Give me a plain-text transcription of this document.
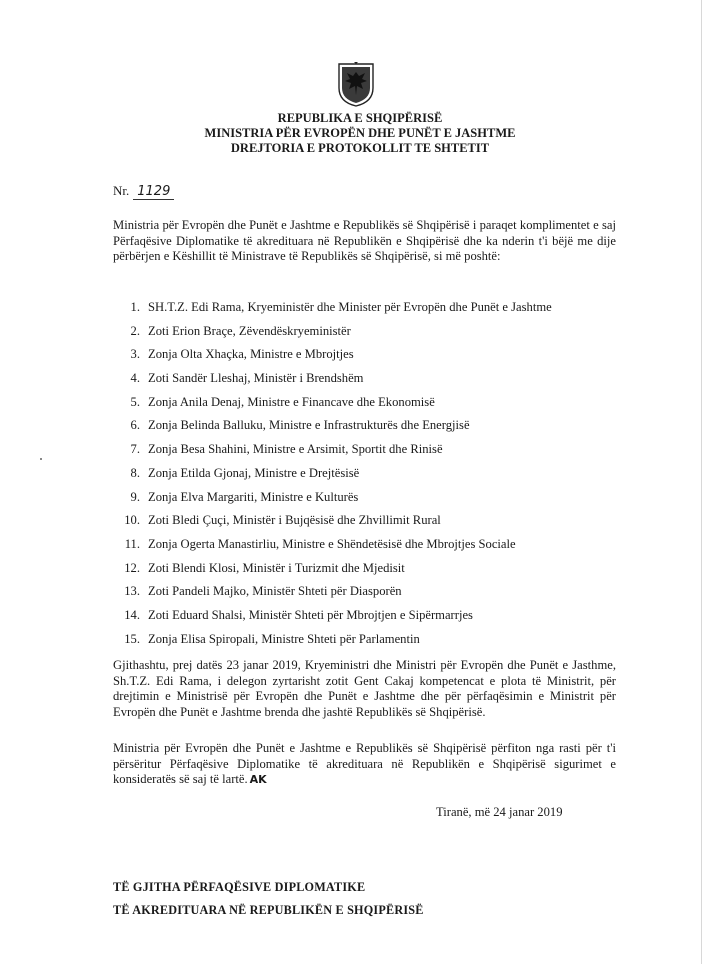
REPUBLIKA E SHQIPËRISË
MINISTRIA PËR EVROPËN DHE PUNËT E JASHTME
DREJTORIA E PROTOKOLLIT TE SHTETIT
Nr. 1129
Ministria për Evropën dhe Punët e Jashtme e Republikës së Shqipërisë i paraqet komplimentet e saj Përfaqësive Diplomatike të akredituara në Republikën e Shqipërisë dhe ka nderin t'i bëjë me dije përbërjen e Këshillit të Ministrave të Republikës së Shqipërisë, si më poshtë:
1. SH.T.Z. Edi Rama, Kryeministër dhe Minister për Evropën dhe Punët e Jashtme
2. Zoti Erion Braçe, Zëvendëskryeministër
3. Zonja Olta Xhaçka, Ministre e Mbrojtjes
4. Zoti Sandër Lleshaj, Ministër i Brendshëm
5. Zonja Anila Denaj, Ministre e Financave dhe Ekonomisë
6. Zonja Belinda Balluku, Ministre e Infrastrukturës dhe Energjisë
7. Zonja Besa Shahini, Ministre e Arsimit, Sportit dhe Rinisë
8. Zonja Etilda Gjonaj, Ministre e Drejtësisë
9. Zonja Elva Margariti, Ministre e Kulturës
10. Zoti Bledi Çuçi, Ministër i Bujqësisë dhe Zhvillimit Rural
11. Zonja Ogerta Manastirliu, Ministre e Shëndetësisë dhe Mbrojtjes Sociale
12. Zoti Blendi Klosi, Ministër i Turizmit dhe Mjedisit
13. Zoti Pandeli Majko, Ministër Shteti për Diasporën
14. Zoti Eduard Shalsi, Ministër Shteti për Mbrojtjen e Sipërmarrjes
15. Zonja Elisa Spiropali, Ministre Shteti për Parlamentin
Gjithashtu, prej datës 23 janar 2019, Kryeministri dhe Ministri për Evropën dhe Punët e Jasthme, Sh.T.Z. Edi Rama, i delegon zyrtarisht zotit Gent Cakaj kompetencat e plota të Ministrit, për drejtimin e Ministrisë për Evropën dhe Punët e Jashtme dhe për përfaqësimin e Ministrit për Evropën dhe Punët e Jashtme brenda dhe jashtë Republikës së Shqipërisë.
Ministria për Evropën dhe Punët e Jashtme e Republikës së Shqipërisë përfiton nga rasti për t'i përsëritur Përfaqësive Diplomatike të akredituara në Republikën e Shqipërisë sigurimet e konsideratës së saj të lartë. AK
Tiranë, më 24 janar 2019
TË GJITHA PËRFAQËSIVE DIPLOMATIKE
TË AKREDITUARA NË REPUBLIKËN E SHQIPËRISË
